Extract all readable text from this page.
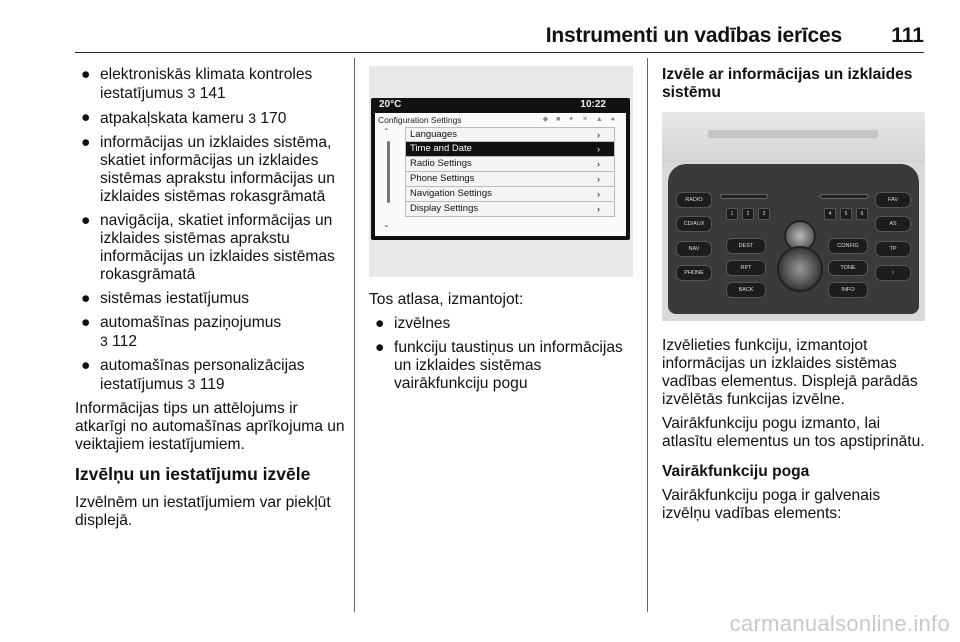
Instrumenti un vadības ierīces 111
● elektroniskās klimata kontroles iestatījumus 3 141
● atpakaļskata kameru 3 170
● informācijas un izklaides sistēma, skatiet informācijas un izklaides sistēmas aprakstu informācijas un izklaides sistēmas rokasgrāmatā
● navigācija, skatiet informācijas un izklaides sistēmas aprakstu informācijas un izklaides sistēmas rokasgrāmatā
● sistēmas iestatījumus
● automašīnas paziņojumus
3 112
● automašīnas personalizācijas iestatījumus 3 119

Informācijas tips un attēlojums ir atkarīgi no automašīnas aprīkojuma un veiktajiem iestatījumiem.

Izvēlņu un iestatījumu izvēle

Izvēlnēm un iestatījumiem var piekļūt displejā.

20°C	10:22
Configuration Settings	◆ ■ ✦ ✕ ▲ ●
⌃
⌄
Languages	›
Time and Date	›
Radio Settings	›
Phone Settings	›
Navigation Settings	›
Display Settings	›

Tos atlasa, izmantojot:

● izvēlnes
● funkciju taustiņus un informācijas un izklaides sistēmas vairākfunkciju pogu
Izvēle ar informācijas un izklaides sistēmu
RADIO
CD/AUX
NAV
PHONE
FAV
AS
TP
i
1	2	3	4	5	6
DEST	CONFIG
RPT	TONE
BACK	INFO

Izvēlieties funkciju, izmantojot informācijas un izklaides sistēmas vadības elementus. Displejā parādās izvēlētās funkcijas izvēlne.

Vairākfunkciju pogu izmanto, lai atlasītu elementus un tos apstiprinātu.

Vairākfunkciju poga

Vairākfunkciju poga ir galvenais izvēlņu vadības elements:

carmanualsonline.info
